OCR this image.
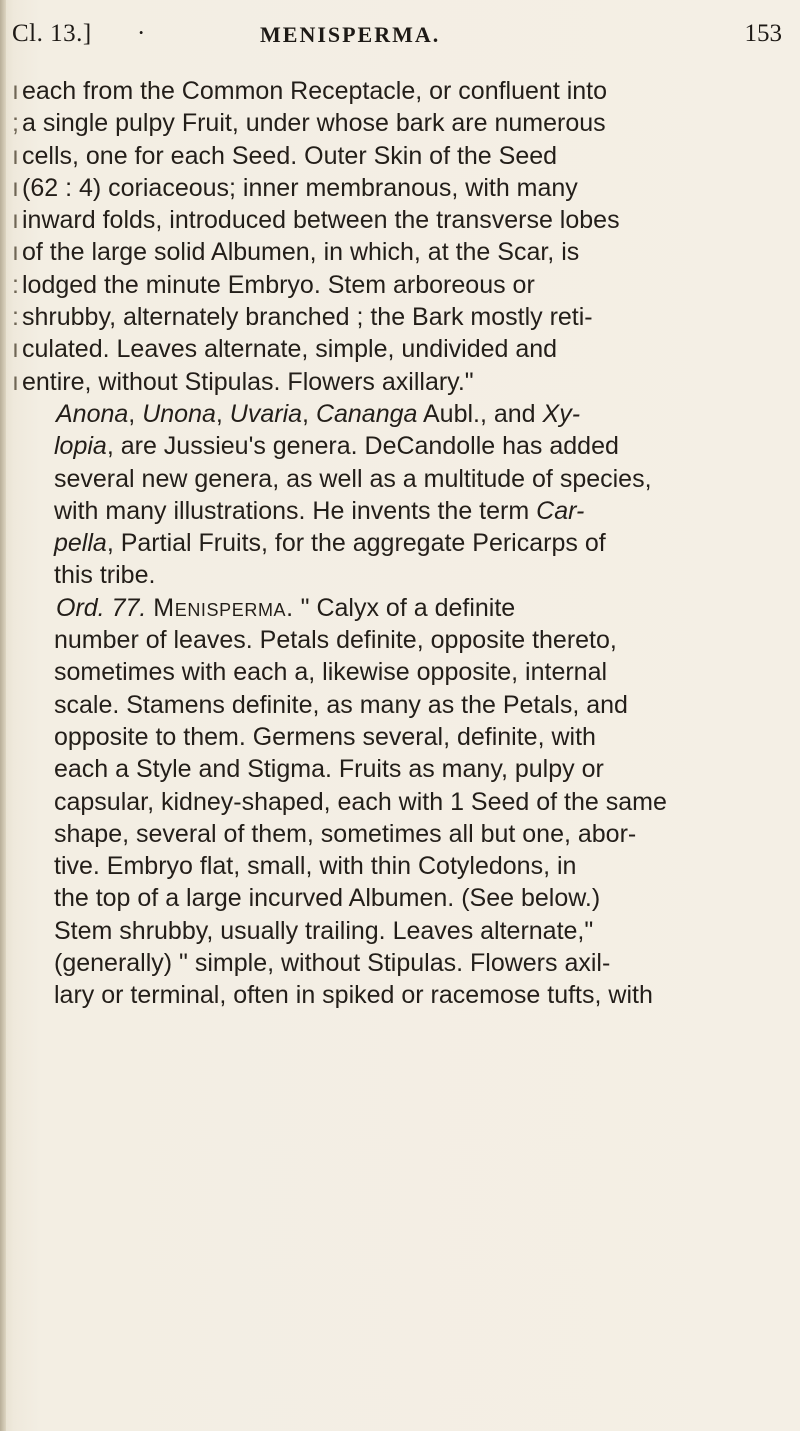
Cl. 13.] ·	MENISPERMA.	153
ı each from the Common Receptacle, or confluent into
; a single pulpy Fruit, under whose bark are numerous
ı cells, one for each Seed. Outer Skin of the Seed
ı (62 : 4) coriaceous; inner membranous, with many
ı inward folds, introduced between the transverse lobes
ı of the large solid Albumen, in which, at the Scar, is
: lodged the minute Embryo. Stem arboreous or
: shrubby, alternately branched ; the Bark mostly reti-
ı culated. Leaves alternate, simple, undivided and
ı entire, without Stipulas. Flowers axillary."
Anona, Unona, Uvaria, Cananga Aubl., and Xy-
lopia, are Jussieu's genera. DeCandolle has added
several new genera, as well as a multitude of species,
with many illustrations. He invents the term Car-
pella, Partial Fruits, for the aggregate Pericarps of
this tribe.
Ord. 77. Menisperma. " Calyx of a definite
number of leaves. Petals definite, opposite thereto,
sometimes with each a, likewise opposite, internal
scale. Stamens definite, as many as the Petals, and
opposite to them. Germens several, definite, with
each a Style and Stigma. Fruits as many, pulpy or
capsular, kidney-shaped, each with 1 Seed of the same
shape, several of them, sometimes all but one, abor-
tive. Embryo flat, small, with thin Cotyledons, in
the top of a large incurved Albumen. (See below.)
Stem shrubby, usually trailing. Leaves alternate,"
(generally) " simple, without Stipulas. Flowers axil-
lary or terminal, often in spiked or racemose tufts, with
